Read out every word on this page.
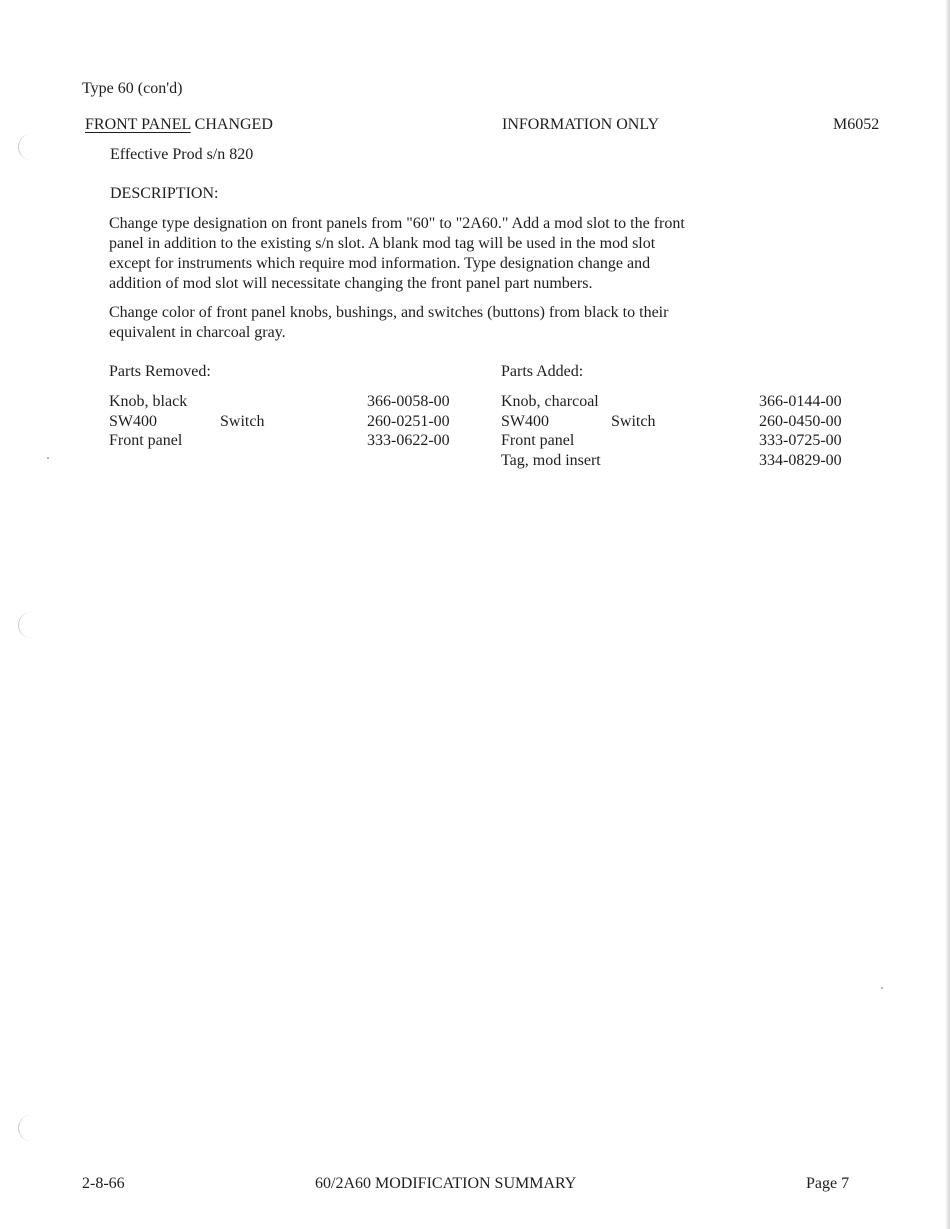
Type 60 (con'd)
FRONT PANEL CHANGED	INFORMATION ONLY	M6052
Effective Prod s/n 820
DESCRIPTION:
Change type designation on front panels from "60" to "2A60." Add a mod slot to the front
panel in addition to the existing s/n slot. A blank mod tag will be used in the mod slot
except for instruments which require mod information. Type designation change and
addition of mod slot will necessitate changing the front panel part numbers.
Change color of front panel knobs, bushings, and switches (buttons) from black to their
equivalent in charcoal gray.
Parts Removed:	Parts Added:
Knob, black	366-0058-00
SW400	Switch	260-0251-00
Front panel	333-0622-00
Knob, charcoal	366-0144-00
SW400	Switch	260-0450-00
Front panel	333-0725-00
Tag, mod insert	334-0829-00
2-8-66	60/2A60 MODIFICATION SUMMARY	Page 7
